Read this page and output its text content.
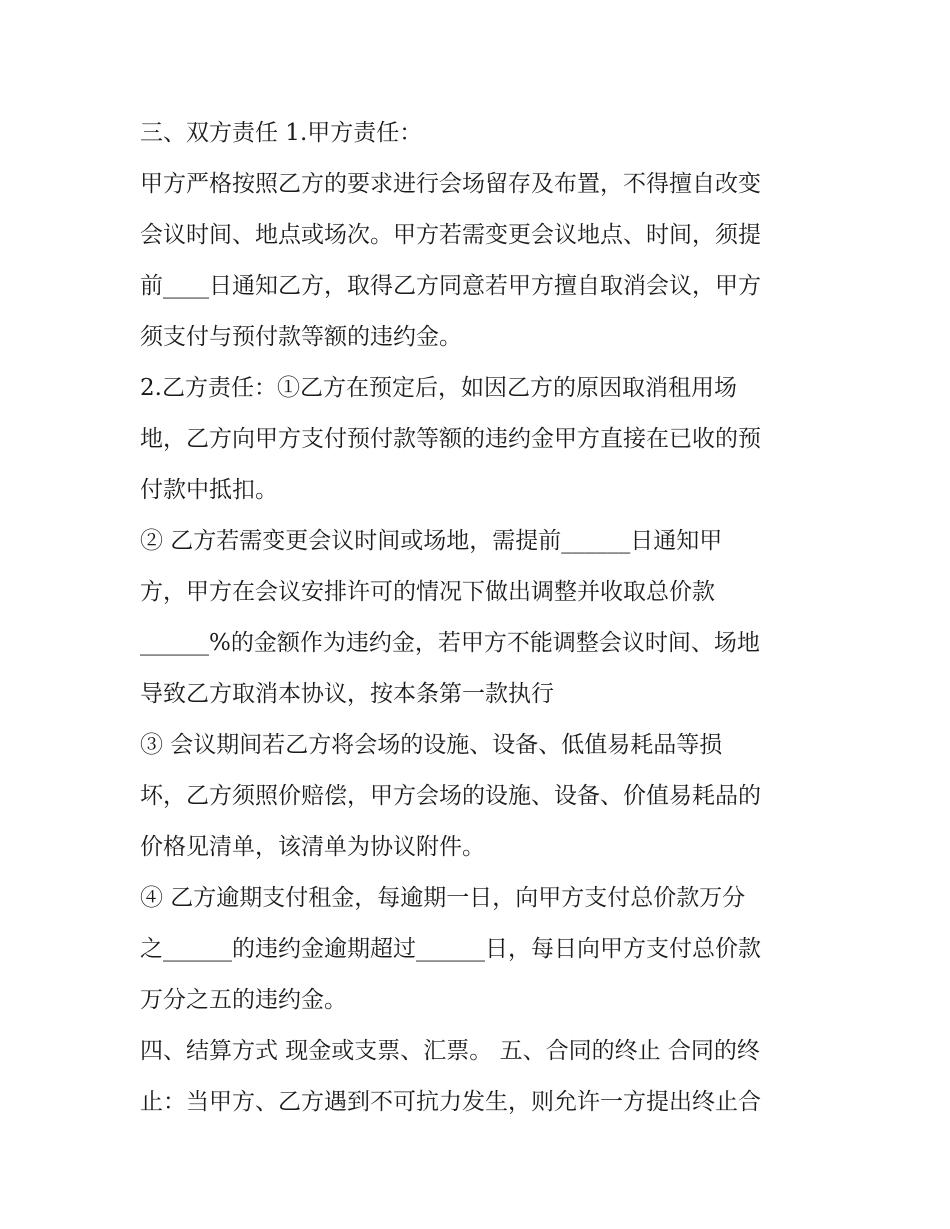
三、双方责任 1.甲方责任：
甲方严格按照乙方的要求进行会场留存及布置，不得擅自改变
会议时间、地点或场次。甲方若需变更会议地点、时间，须提
前____日通知乙方，取得乙方同意若甲方擅自取消会议，甲方
须支付与预付款等额的违约金。
2.乙方责任：①乙方在预定后，如因乙方的原因取消租用场
地，乙方向甲方支付预付款等额的违约金甲方直接在已收的预
付款中抵扣。
② 乙方若需变更会议时间或场地，需提前______日通知甲
方，甲方在会议安排许可的情况下做出调整并收取总价款
______%的金额作为违约金，若甲方不能调整会议时间、场地
导致乙方取消本协议，按本条第一款执行
③ 会议期间若乙方将会场的设施、设备、低值易耗品等损
坏，乙方须照价赔偿，甲方会场的设施、设备、价值易耗品的
价格见清单，该清单为协议附件。
④ 乙方逾期支付租金，每逾期一日，向甲方支付总价款万分
之______的违约金逾期超过______日，每日向甲方支付总价款
万分之五的违约金。
四、结算方式 现金或支票、汇票。 五、合同的终止 合同的终
止：当甲方、乙方遇到不可抗力发生，则允许一方提出终止合
